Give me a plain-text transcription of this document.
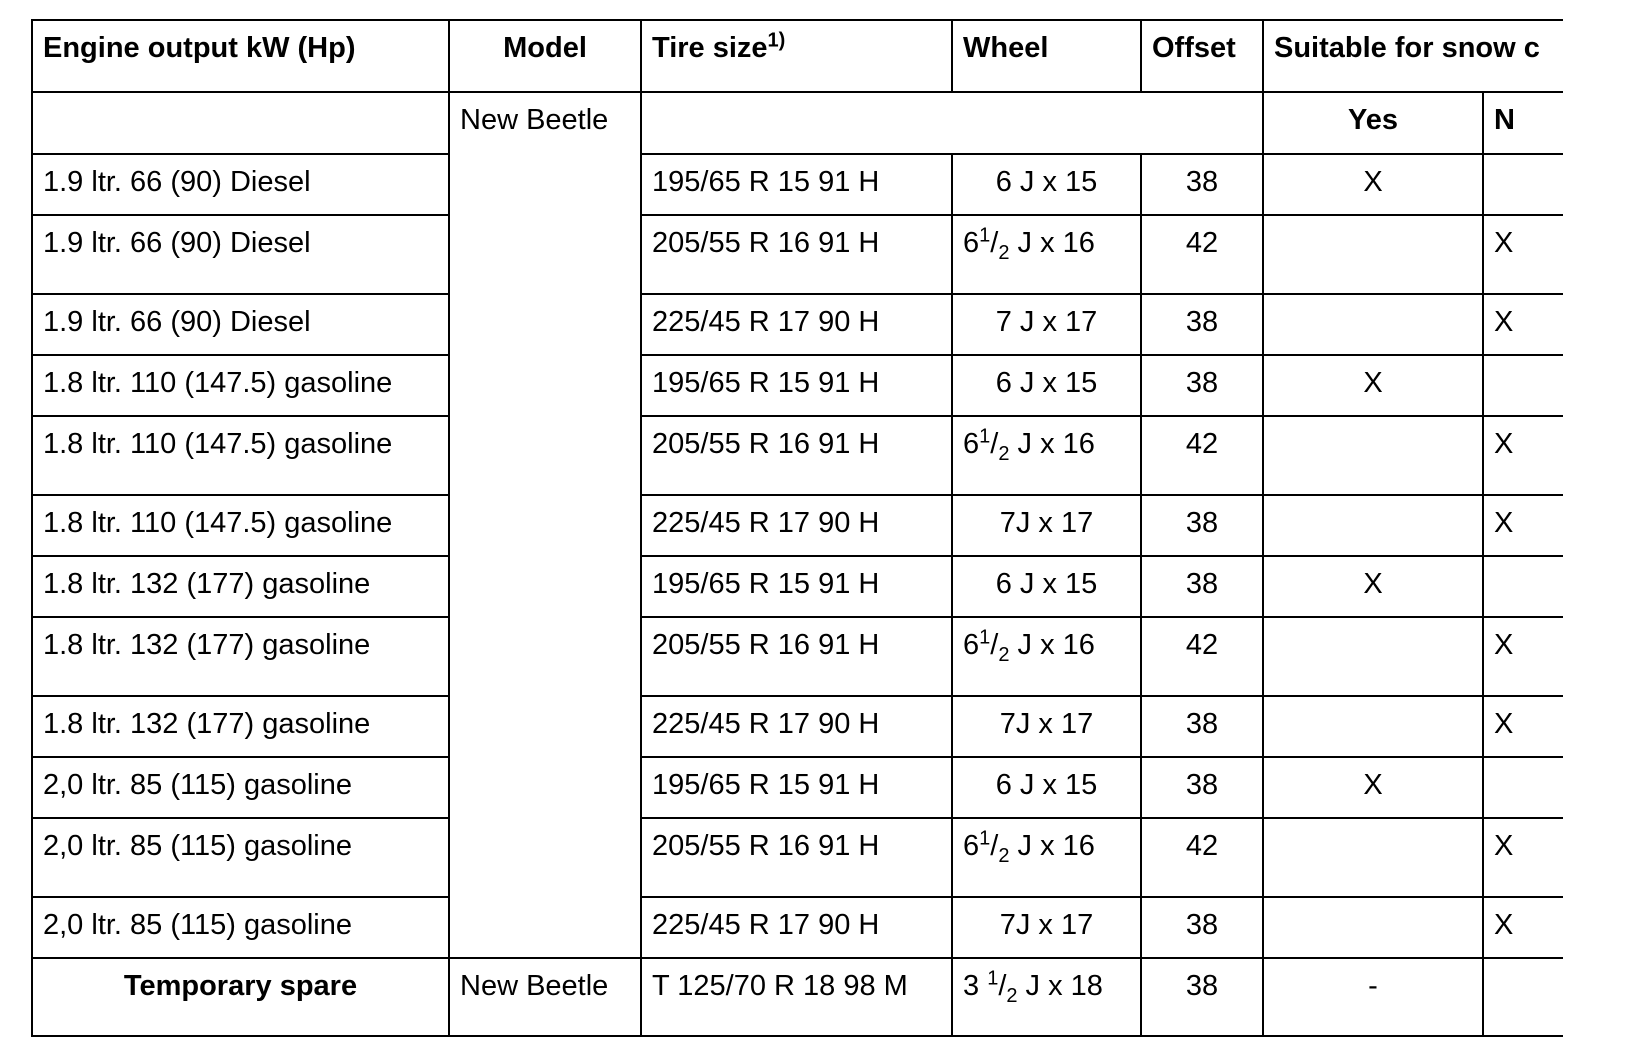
Engine output kW (Hp)	Model	Tire size$^{1)}$	Wheel	Offset	Suitable for snow c	
	New Beetle				Yes	N
1.9 ltr. 66 (90) Diesel		195/65 R 15 91 H	6 J x 15	38	X	
1.9 ltr. 66 (90) Diesel		205/55 R 16 91 H	$6^1/_2$ J x 16	42		X
1.9 ltr. 66 (90) Diesel		225/45 R 17 90 H	7 J x 17	38		X
1.8 ltr. 110 (147.5) gasoline		195/65 R 15 91 H	6 J x 15	38	X	
1.8 ltr. 110 (147.5) gasoline		205/55 R 16 91 H	$6^1/_2$ J x 16	42		X
1.8 ltr. 110 (147.5) gasoline		225/45 R 17 90 H	7J x 17	38		X
1.8 ltr. 132 (177) gasoline		195/65 R 15 91 H	6 J x 15	38	X	
1.8 ltr. 132 (177) gasoline		205/55 R 16 91 H	$6^1/_2$ J x 16	42		X
1.8 ltr. 132 (177) gasoline		225/45 R 17 90 H	7J x 17	38		X
2,0 ltr. 85 (115) gasoline		195/65 R 15 91 H	6 J x 15	38	X	
2,0 ltr. 85 (115) gasoline		205/55 R 16 91 H	$6^1/_2$ J x 16	42		X
2,0 ltr. 85 (115) gasoline		225/45 R 17 90 H	7J x 17	38		X
Temporary spare	New Beetle	T 125/70 R 18 98 M	3 $^1/_2$ J x 18	38	-	
